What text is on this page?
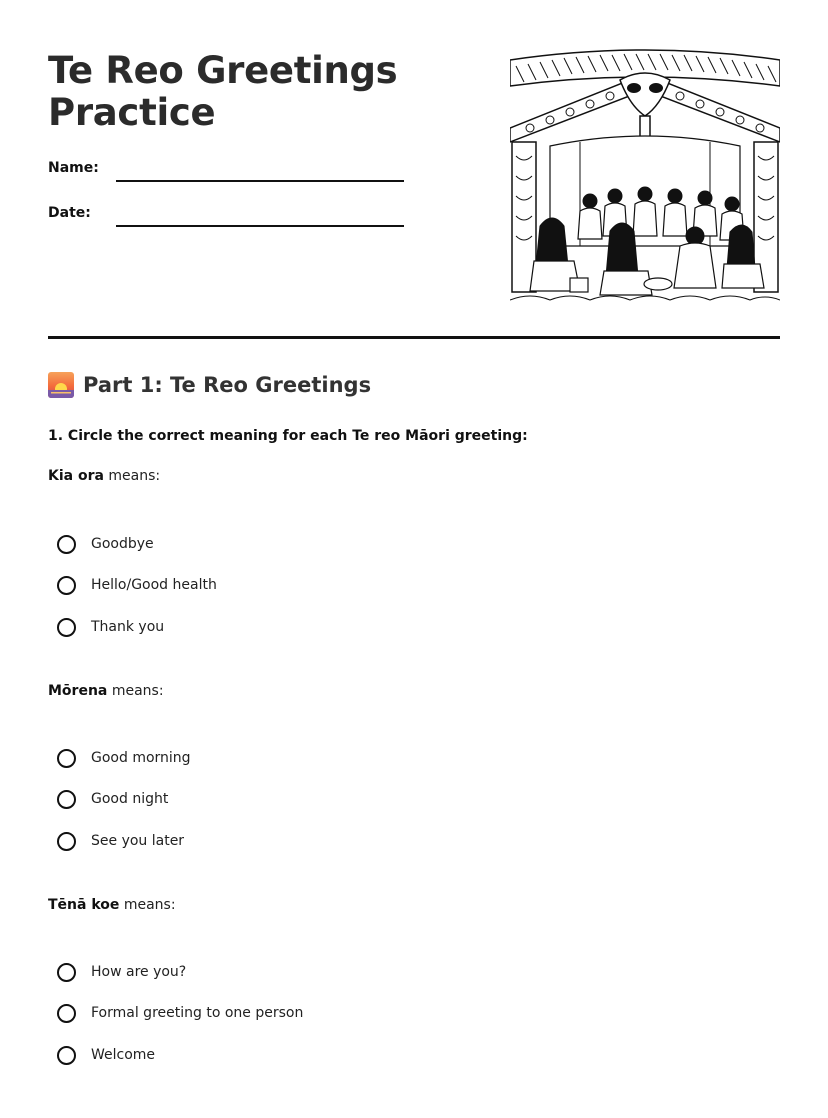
Te Reo Greetings Practice
Name:
Date:
Part 1: Te Reo Greetings
1. Circle the correct meaning for each Te reo Māori greeting:
Kia ora means:
Goodbye
Hello/Good health
Thank you
Mōrena means:
Good morning
Good night
See you later
Tēnā koe means:
How are you?
Formal greeting to one person
Welcome
